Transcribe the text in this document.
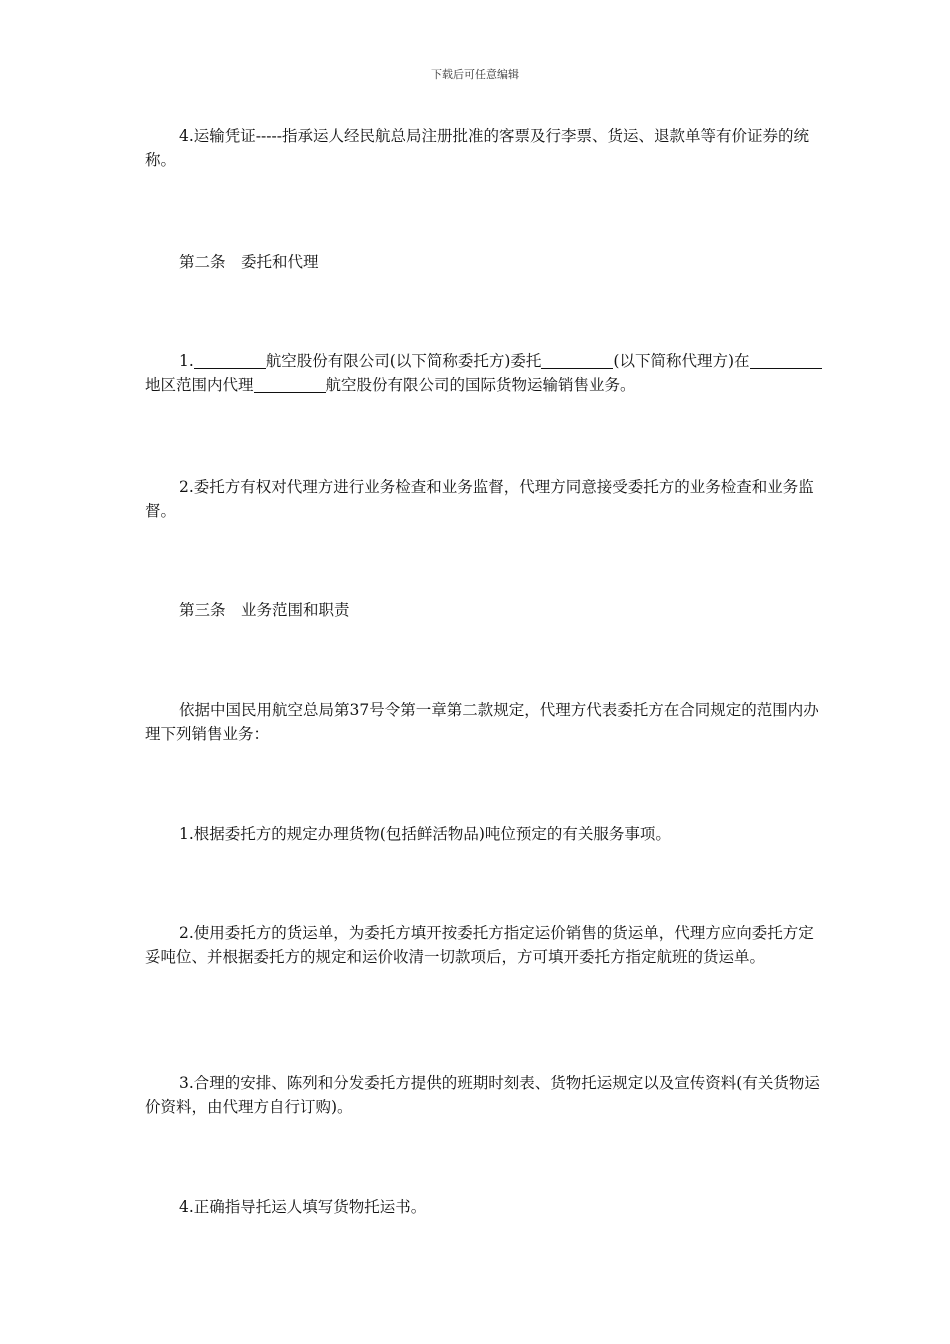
下载后可任意编辑
4.运输凭证-----指承运人经民航总局注册批准的客票及行李票、货运、退款单等有价证券的统称。
第二条　委托和代理
1.	航空股份有限公司(以下简称委托方)委托	(以下简称代理方)在地区范围内代理	航空股份有限公司的国际货物运输销售业务。
2.委托方有权对代理方进行业务检查和业务监督，代理方同意接受委托方的业务检查和业务监督。
第三条　业务范围和职责
依据中国民用航空总局第37号令第一章第二款规定，代理方代表委托方在合同规定的范围内办理下列销售业务：
1.根据委托方的规定办理货物(包括鲜活物品)吨位预定的有关服务事项。
2.使用委托方的货运单，为委托方填开按委托方指定运价销售的货运单，代理方应向委托方定妥吨位、并根据委托方的规定和运价收清一切款项后，方可填开委托方指定航班的货运单。
3.合理的安排、陈列和分发委托方提供的班期时刻表、货物托运规定以及宣传资料(有关货物运价资料，由代理方自行订购)。
4.正确指导托运人填写货物托运书。
